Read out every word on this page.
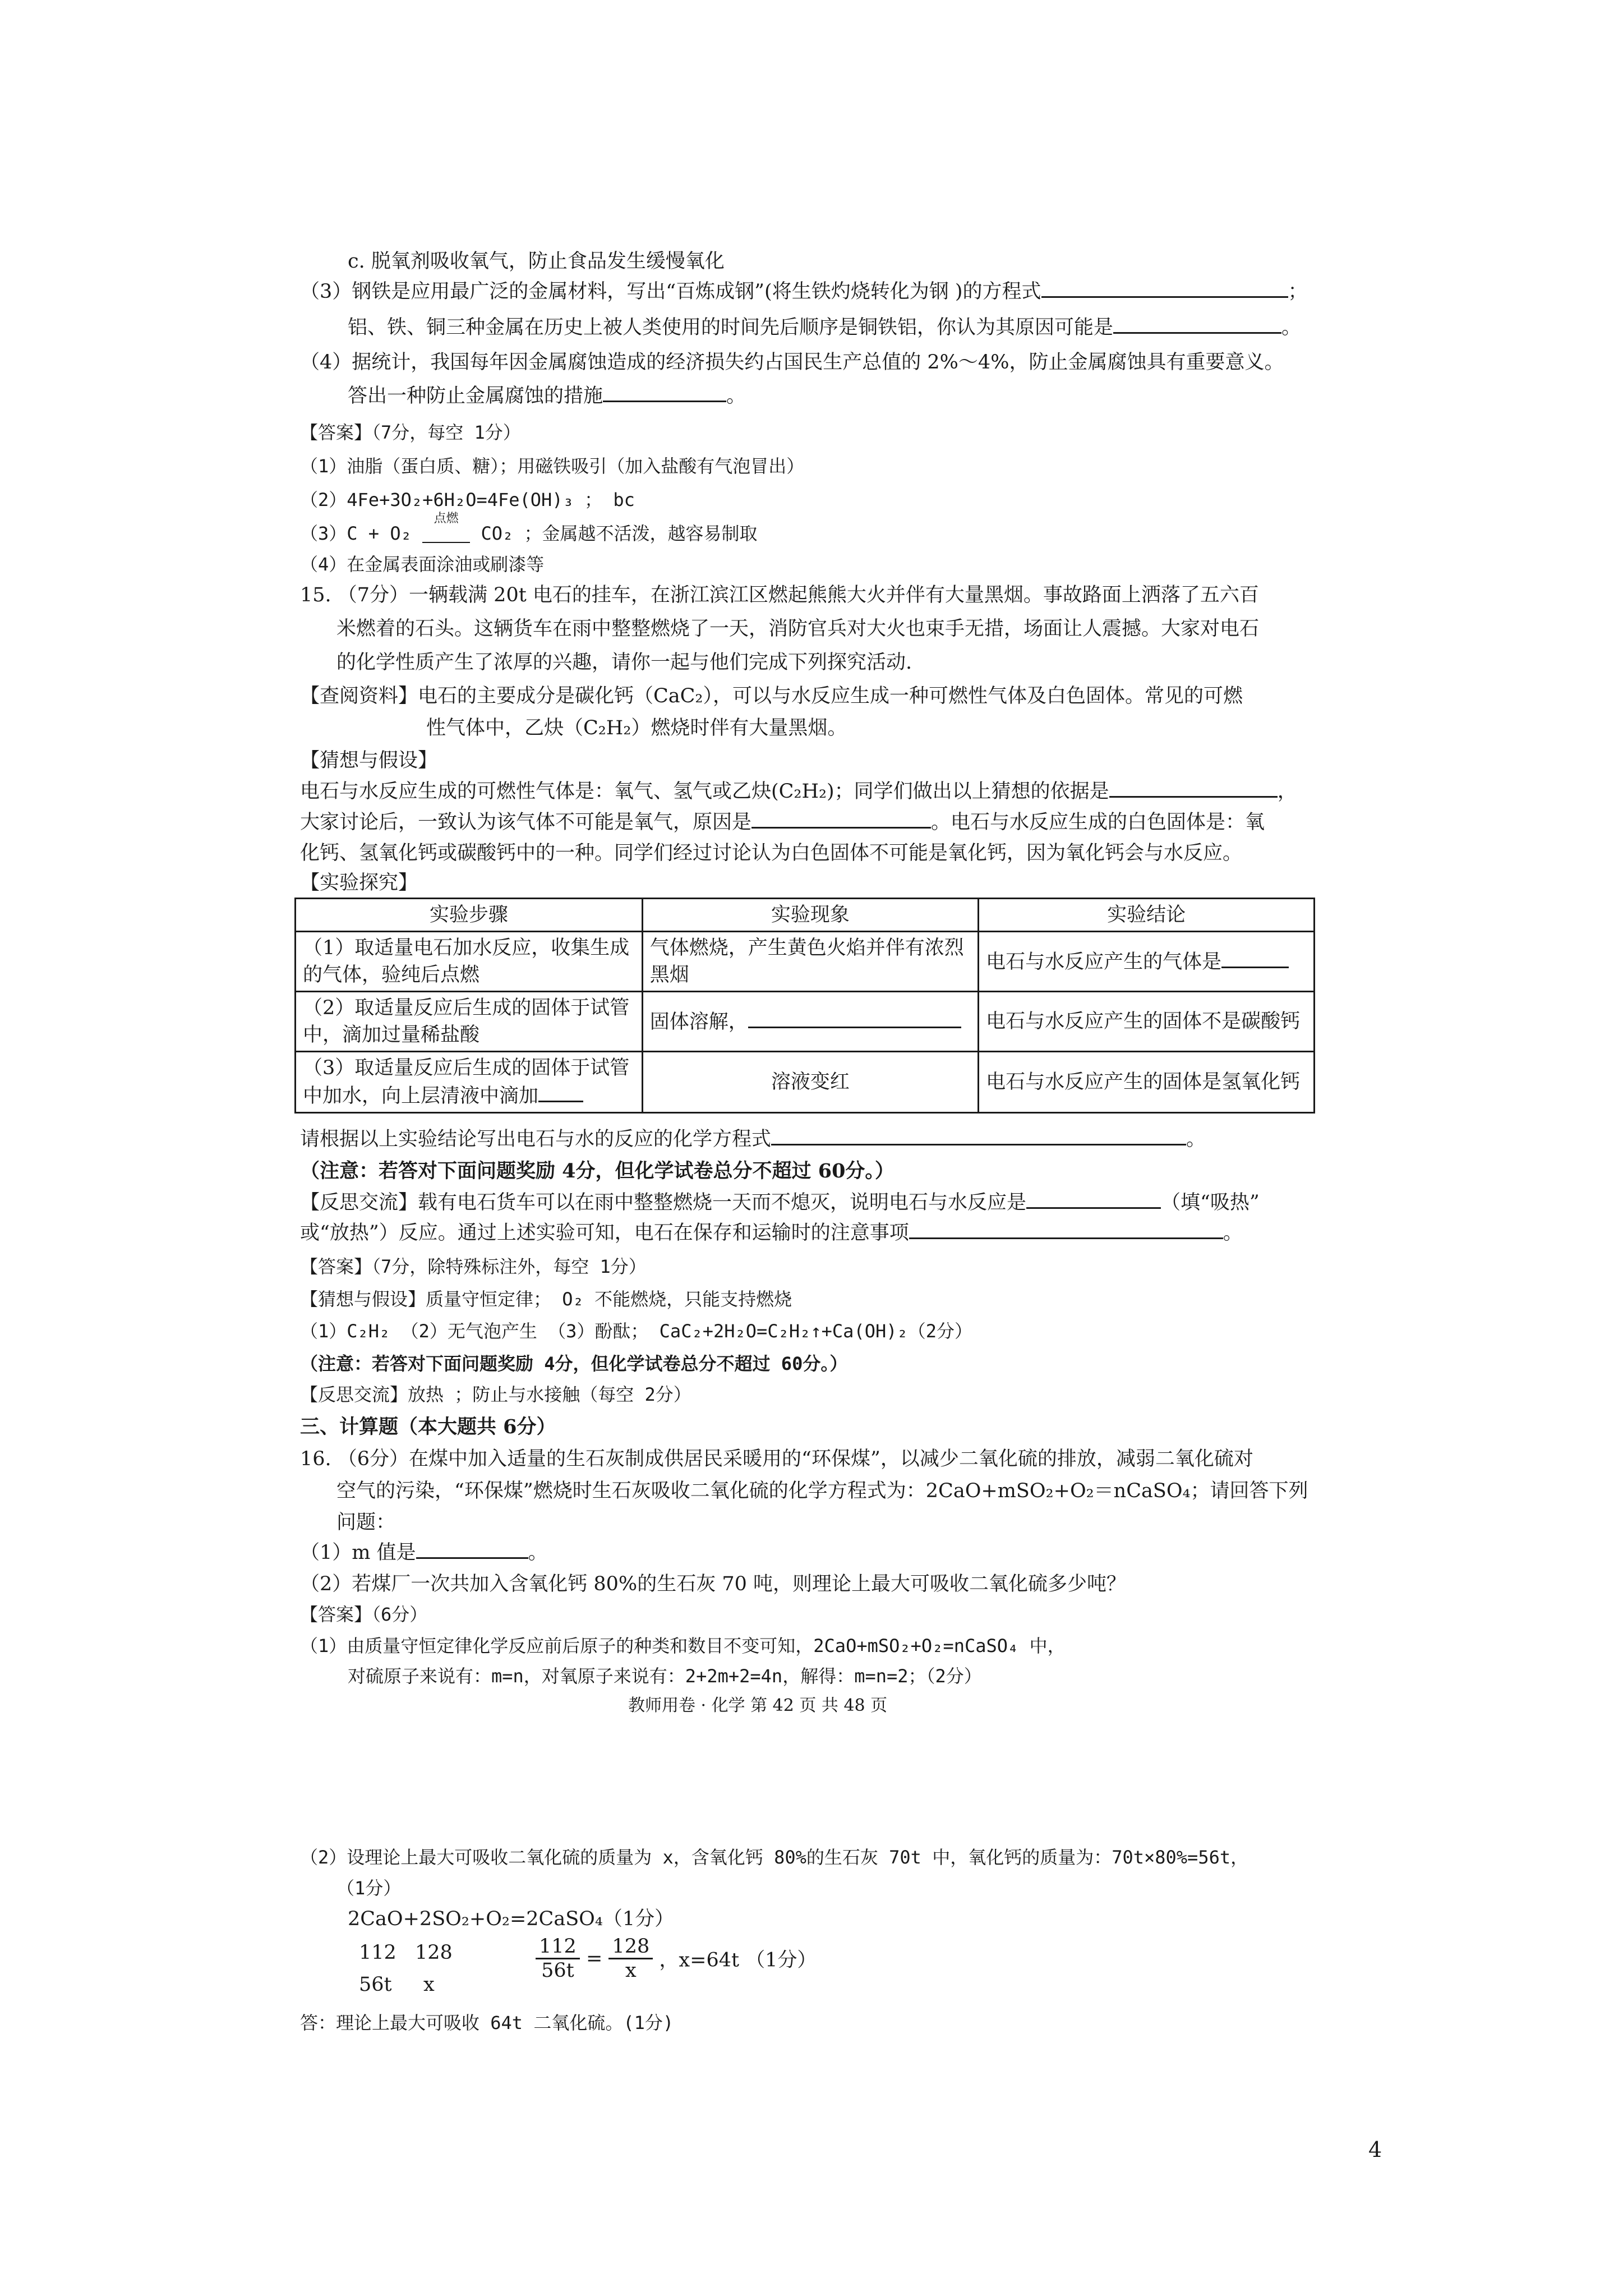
c. 脱氧剂吸收氧气，防止食品发生缓慢氧化
（3）钢铁是应用最广泛的金属材料，写出“百炼成钢”(将生铁灼烧转化为钢 )的方程式	；
铝、铁、铜三种金属在历史上被人类使用的时间先后顺序是铜铁铝，你认为其原因可能是	。
（4）据统计，我国每年因金属腐蚀造成的经济损失约占国民生产总值的 2%～4%，防止金属腐蚀具有重要意义。
答出一种防止金属腐蚀的措施	。
【答案】（7分，每空 1分）
（1）油脂（蛋白质、糖）；用磁铁吸引（加入盐酸有气泡冒出）
（2）4Fe+3O₂+6H₂O=4Fe(OH)₃ ； bc
（3）C + O₂
点燃
CO₂ ；金属越不活泼，越容易制取
（4）在金属表面涂油或刷漆等
15. （7分）一辆载满 20t 电石的挂车，在浙江滨江区燃起熊熊大火并伴有大量黑烟。事故路面上洒落了五六百
米燃着的石头。这辆货车在雨中整整燃烧了一天，消防官兵对大火也束手无措，场面让人震撼。大家对电石
的化学性质产生了浓厚的兴趣，请你一起与他们完成下列探究活动.
【查阅资料】电石的主要成分是碳化钙（CaC₂），可以与水反应生成一种可燃性气体及白色固体。常见的可燃
性气体中，乙炔（C₂H₂）燃烧时伴有大量黑烟。
【猜想与假设】
电石与水反应生成的可燃性气体是：氧气、氢气或乙炔(C₂H₂)；同学们做出以上猜想的依据是	，
大家讨论后，一致认为该气体不可能是氧气，原因是	。电石与水反应生成的白色固体是：氧
化钙、氢氧化钙或碳酸钙中的一种。同学们经过讨论认为白色固体不可能是氧化钙，因为氧化钙会与水反应。
【实验探究】
实验步骤	实验现象	实验结论
（1）取适量电石加水反应，收集生成的气体，验纯后点燃	气体燃烧，产生黄色火焰并伴有浓烈黑烟	电石与水反应产生的气体是
（2）取适量反应后生成的固体于试管中，滴加过量稀盐酸	固体溶解，	电石与水反应产生的固体不是碳酸钙
（3）取适量反应后生成的固体于试管中加水，向上层清液中滴加	溶液变红	电石与水反应产生的固体是氢氧化钙
请根据以上实验结论写出电石与水的反应的化学方程式	。
（注意：若答对下面问题奖励 4分，但化学试卷总分不超过 60分。）
【反思交流】载有电石货车可以在雨中整整燃烧一天而不熄灭，说明电石与水反应是	（填“吸热”
或“放热”）反应。通过上述实验可知，电石在保存和运输时的注意事项	。
【答案】（7分，除特殊标注外，每空 1分）
【猜想与假设】质量守恒定律； O₂ 不能燃烧，只能支持燃烧
（1）C₂H₂ （2）无气泡产生 （3）酚酞； CaC₂+2H₂O=C₂H₂↑+Ca(OH)₂（2分）
（注意：若答对下面问题奖励 4分，但化学试卷总分不超过 60分。）
【反思交流】放热 ；防止与水接触（每空 2分）
三、计算题（本大题共 6分）
16. （6分）在煤中加入适量的生石灰制成供居民采暖用的“环保煤”，以减少二氧化硫的排放，减弱二氧化硫对
空气的污染，“环保煤”燃烧时生石灰吸收二氧化硫的化学方程式为：2CaO+mSO₂+O₂＝nCaSO₄；请回答下列
问题：
（1）m 值是	。
（2）若煤厂一次共加入含氧化钙 80%的生石灰 70 吨，则理论上最大可吸收二氧化硫多少吨？
【答案】（6分）
（1）由质量守恒定律化学反应前后原子的种类和数目不变可知，2CaO+mSO₂+O₂=nCaSO₄ 中，
对硫原子来说有：m=n，对氧原子来说有：2+2m+2=4n，解得：m=n=2；（2分）
教师用卷 · 化学 第 42 页 共 48 页
（2）设理论上最大可吸收二氧化硫的质量为 x，含氧化钙 80%的生石灰 70t 中，氧化钙的质量为：70t×80%=56t，
（1分）
2CaO+2SO₂+O₂=2CaSO₄（1分）
112 128
56t x
$\frac{112}{56t} = \frac{128}{x}$ ，x=64t （1分）
答：理论上最大可吸收 64t 二氧化硫。(1分)
4
